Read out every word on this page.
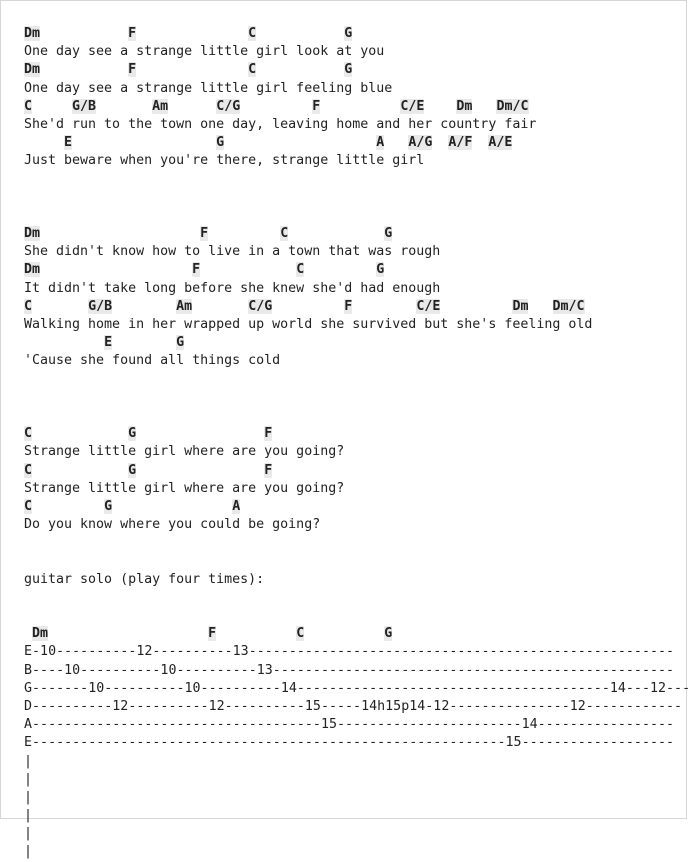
Dm	F	C	G
One day see a strange little girl look at you
Dm	F	C	G
One day see a strange little girl feeling blue
C	G/B	Am	C/G	F	C/E Dm Dm/C
She'd run to the town one day, leaving home and her country fair
E	G	A A/G A/F A/E
Just beware when you're there, strange little girl
Dm	F	C	G
She didn't know how to live in a town that was rough
Dm	F	C	G
It didn't take long before she knew she'd had enough
C	G/B	Am	C/G	F	C/E	Dm Dm/C
Walking home in her wrapped up world she survived but she's feeling old
E	G
'Cause she found all things cold
C	G	F
Strange little girl where are you going?
C	G	F
Strange little girl where are you going?
C	G	A
Do you know where you could be going?
guitar solo (play four times):
Dm	F	C	G
E-10----------12----------13-----------------------------------------------------
B----10----------10----------13--------------------------------------------------
G-------10----------10----------14---------------------------------------14---12---
D----------12----------12----------15-----14h15p14-12---------------12------------
A------------------------------------15-----------------------14-----------------
E-----------------------------------------------------------15-------------------
|
|
|
|
|
|
